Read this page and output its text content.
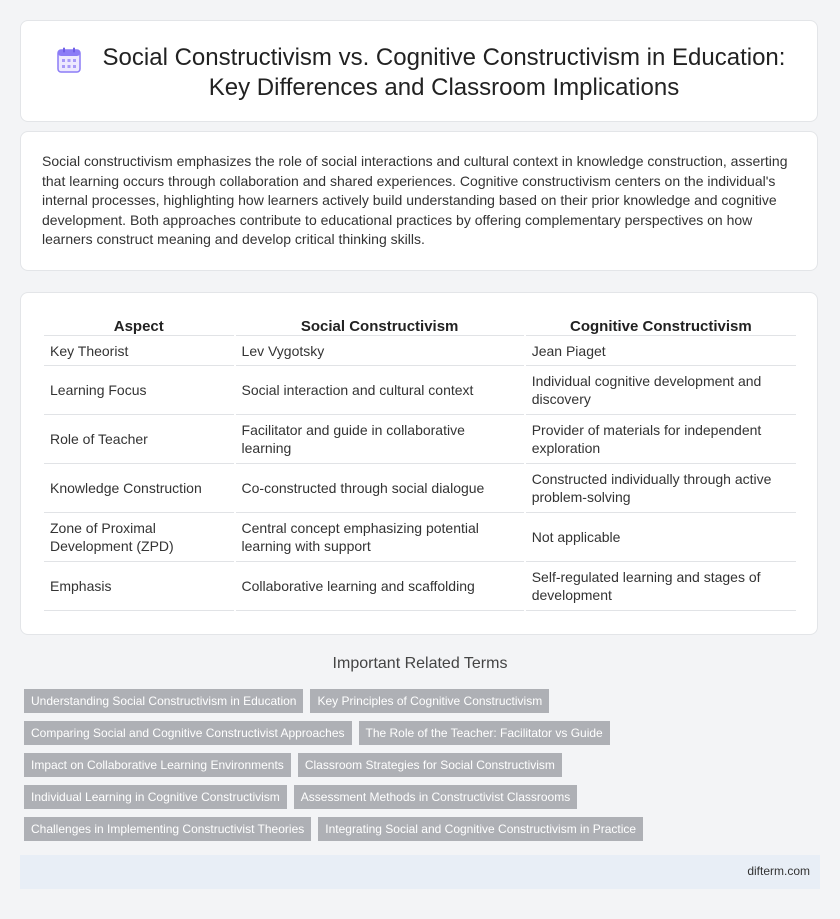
Social Constructivism vs. Cognitive Constructivism in Education: Key Differences and Classroom Implications

Social constructivism emphasizes the role of social interactions and cultural context in knowledge construction, asserting that learning occurs through collaboration and shared experiences. Cognitive constructivism centers on the individual's internal processes, highlighting how learners actively build understanding based on their prior knowledge and cognitive development. Both approaches contribute to educational practices by offering complementary perspectives on how learners construct meaning and develop critical thinking skills.

Aspect	Social Constructivism	Cognitive Constructivism
Key Theorist	Lev Vygotsky	Jean Piaget
Learning Focus	Social interaction and cultural context	Individual cognitive development and discovery
Role of Teacher	Facilitator and guide in collaborative learning	Provider of materials for independent exploration
Knowledge Construction	Co-constructed through social dialogue	Constructed individually through active problem-solving
Zone of Proximal Development (ZPD)	Central concept emphasizing potential learning with support	Not applicable
Emphasis	Collaborative learning and scaffolding	Self-regulated learning and stages of development
Important Related Terms
Understanding Social Constructivism in Education	Key Principles of Cognitive Constructivism
Comparing Social and Cognitive Constructivist Approaches	The Role of the Teacher: Facilitator vs Guide
Impact on Collaborative Learning Environments	Classroom Strategies for Social Constructivism
Individual Learning in Cognitive Constructivism	Assessment Methods in Constructivist Classrooms
Challenges in Implementing Constructivist Theories	Integrating Social and Cognitive Constructivism in Practice
difterm.com
